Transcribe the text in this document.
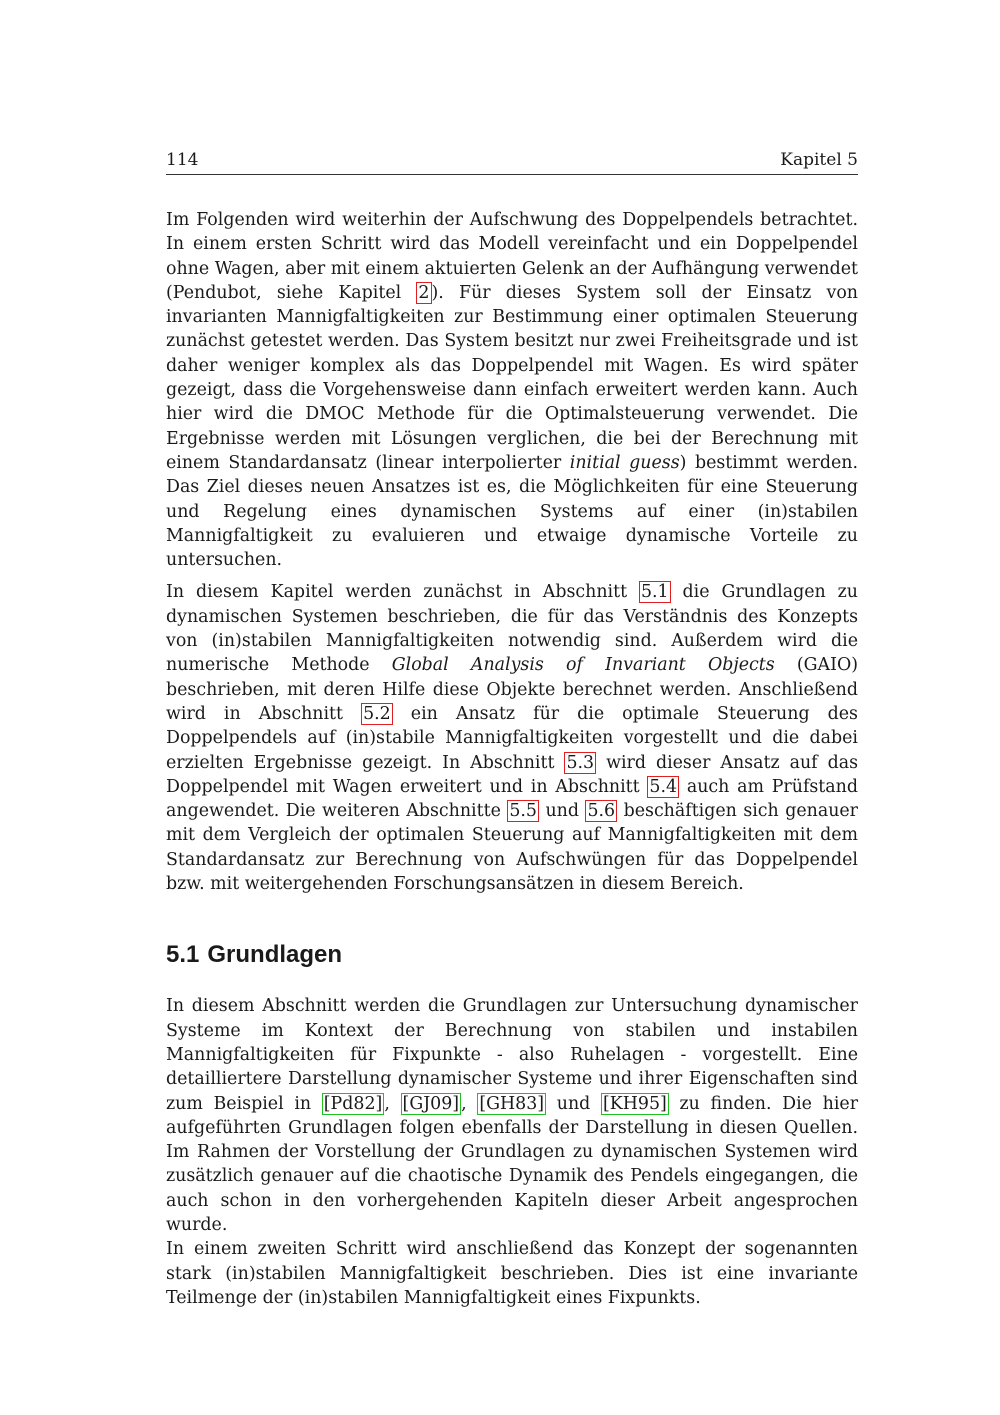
114	Kapitel 5

Im Folgenden wird weiterhin der Aufschwung des Doppelpendels betrachtet. In einem ersten Schritt wird das Modell vereinfacht und ein Doppelpendel ohne Wagen, aber mit einem aktuierten Gelenk an der Aufhängung verwendet (Pendubot, siehe Kapitel 2 ). Für dieses System soll der Einsatz von invarianten Mannigfaltigkeiten zur Bestimmung einer optimalen Steuerung zunächst getestet werden. Das System besitzt nur zwei Freiheitsgrade und ist daher weniger komplex als das Doppelpendel mit Wagen. Es wird später gezeigt, dass die Vorgehensweise dann einfach erweitert werden kann. Auch hier wird die DMOC Methode für die Optimalsteuerung verwendet. Die Ergebnisse werden mit Lösungen verglichen, die bei der Berechnung mit einem Standardansatz (linear interpolierter initial guess) bestimmt werden. Das Ziel dieses neuen Ansatzes ist es, die Möglichkeiten für eine Steuerung und Regelung eines dynamischen Systems auf einer (in)stabilen Mannigfaltigkeit zu evaluieren und etwaige dynamische Vorteile zu untersuchen.

In diesem Kapitel werden zunächst in Abschnitt 5.1 die Grundlagen zu dynamischen Systemen beschrieben, die für das Verständnis des Konzepts von (in)stabilen Mannigfaltigkeiten notwendig sind. Außerdem wird die numerische Methode Global Analysis of Invariant Objects (GAIO) beschrieben, mit deren Hilfe diese Objekte berechnet werden. Anschließend wird in Abschnitt 5.2 ein Ansatz für die optimale Steuerung des Doppelpendels auf (in)stabile Mannigfaltigkeiten vorgestellt und die dabei erzielten Ergebnisse gezeigt. In Abschnitt 5.3 wird dieser Ansatz auf das Doppelpendel mit Wagen erweitert und in Abschnitt 5.4 auch am Prüfstand angewendet. Die weiteren Abschnitte 5.5 und 5.6 beschäftigen sich genauer mit dem Vergleich der optimalen Steuerung auf Mannigfaltigkeiten mit dem Standardansatz zur Berechnung von Aufschwüngen für das Doppelpendel bzw. mit weitergehenden Forschungsansätzen in diesem Bereich.

5.1 Grundlagen

In diesem Abschnitt werden die Grundlagen zur Untersuchung dynamischer Systeme im Kontext der Berechnung von stabilen und instabilen Mannigfaltigkeiten für Fixpunkte - also Ruhelagen - vorgestellt. Eine detailliertere Darstellung dynamischer Systeme und ihrer Eigenschaften sind zum Beispiel in [Pd82] , [GJ09] , [GH83] und [KH95] zu finden. Die hier aufgeführten Grundlagen folgen ebenfalls der Darstellung in diesen Quellen. Im Rahmen der Vorstellung der Grundlagen zu dynamischen Systemen wird zusätzlich genauer auf die chaotische Dynamik des Pendels eingegangen, die auch schon in den vorhergehenden Kapiteln dieser Arbeit angesprochen wurde.

In einem zweiten Schritt wird anschließend das Konzept der sogenannten stark (in)stabilen Mannigfaltigkeit beschrieben. Dies ist eine invariante Teilmenge der (in)stabilen Mannigfaltigkeit eines Fixpunkts.
